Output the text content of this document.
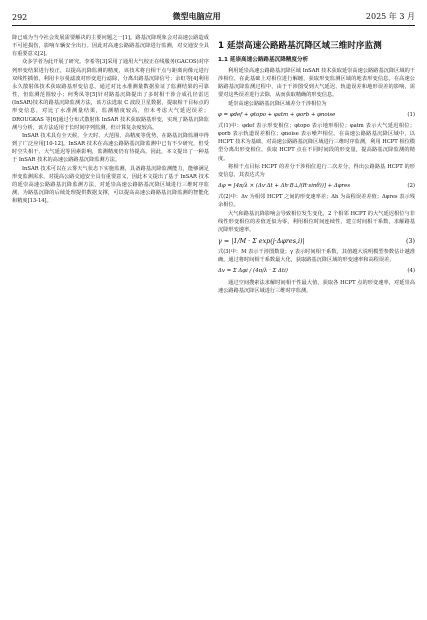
292	微型电脑应用	2025 年 3 月

降已成为当今社会发展需要解决的主要问题之一[1]。路基沉降现象会对高速公路造成不可逆损伤，影响车辆安全出行。因此对高速公路路基沉降进行监测，对交通安全具有重要意义[2]。

众多学者为此开展了研究。李希等[3]采用了通用大气校正在线服务(GACOS)对序列形变结果进行校正，以提高沉降监测的精度，该技术将自相干点与距离向像元进行双线性插值，利用卡尔曼滤波对形变进行滤除，分离出路基沉降信号；余虹等[4]利用永久散射体技术获取路基形变信息，通过对比水准测量数据验证了监测结果的可靠性，但监测范围较小；何秀凤等[5]针对路基沉降提出了多时相干涉合成孔径雷达(InSAR)技术的路基沉降监测方法，该方法选取 C 波段卫星数据，提取相干目标点的形变信息，对比了水准测量结果，监测精度较高，但未考虑大气延迟误差；DROUGKAS 等[6]通过分布式散射体 InSAR 技术获取路基形变，实现了路基沉降监测与分析，该方法适用于长时间序列监测，但计算复杂度较高。

InSAR 技术具有全天候、全天时、大范围、高精度等优势，在路基沉降监测中得到了广泛应用[10-12]。InSAR 技术在高速公路路基沉降监测中已有不少研究，但受时空失相干、大气延迟等因素影响，监测精度仍有待提高。因此，本文提出了一种基于 InSAR 技术的高速公路路基沉降监测方法。

InSAR 技术可以在云雾天气状态下实施监测，具备路基沉降监测能力，能够满足形变监测需求，对提高公路交通安全具有重要意义，因此本文提出了基于 InSAR 技术的延崇高速公路路基沉降监测方法，对延崇高速公路路基沉降区域进行三维时序监测，为路基沉降的后续处理提供数据支撑，可以提高高速公路路基沉降监测的智能化和精度[13-14]。

1 延崇高速公路路基沉降区域三维时序监测
1.1 延崇高速公路路基沉降精度分析

利用延崇高速公路路基沉降区域 InSAR 技术获取延崇高速公路路基沉降区域的干涉相位，在此基础上对相位进行解缠，获取形变监测区域的地表形变信息。在高速公路路基沉降监测过程中，由于干涉图受到大气延迟、轨道误差和地形误差的影响，需要对这些误差进行去除，从而获取精确的形变信息。

延崇高速公路路基沉降区域差分干涉相位为

φ = φdef + φtopo + φatm + φorb + φnoise	(1)

式(1)中：φdef 表示形变相位；φtopo 表示地形相位；φatm 表示大气延迟相位；φorb 表示轨道误差相位；φnoise 表示噪声相位。在高速公路路基沉降区域中，以 HCPT 技术为基础，对高速公路路基沉降区域进行三维时序监测，利用 HCPT 相位模型分离出形变相位，获取 HCPT 点在不同时间段的形变量，提高路基沉降监测的精度。

将相干点目标 HCPT 的差分干涉相位进行二次差分，得出公路路基 HCPT 的形变信息，其表达式为

Δφ = [4π/λ × (Δv·Δt + Δh·B⊥/(R·sinθ))] + Δφres	(2)

式(2)中：Δv 为相邻 HCPT 之间的形变速率差；Δh 为高程误差差值；Δφres 表示残余相位。

大气和路基沉降影响会导致相位发生变化，2 个相邻 HCPT 的大气延迟相位与非线性形变相位的差值近似为零，利用相位时间连续性，建立时间相干系数，求解路基沉降形变速率。

γ = |1/M · Σ exp(j·Δφres,i)|	(3)

式(3)中：M 表示干涉图数量；γ 表示时间相干系数，其值越大说明模型参数估计越准确。通过将时间相干系数最大化，获取路基沉降区域的形变速率和高程误差。

Δv = Σ Δφi / (4π/λ · Σ Δti)	(4)

通过空间搜索法求解时间相干性最大值，获取各 HCPT 点的形变速率，对延崇高速公路路基沉降区域进行三维时序监测。
